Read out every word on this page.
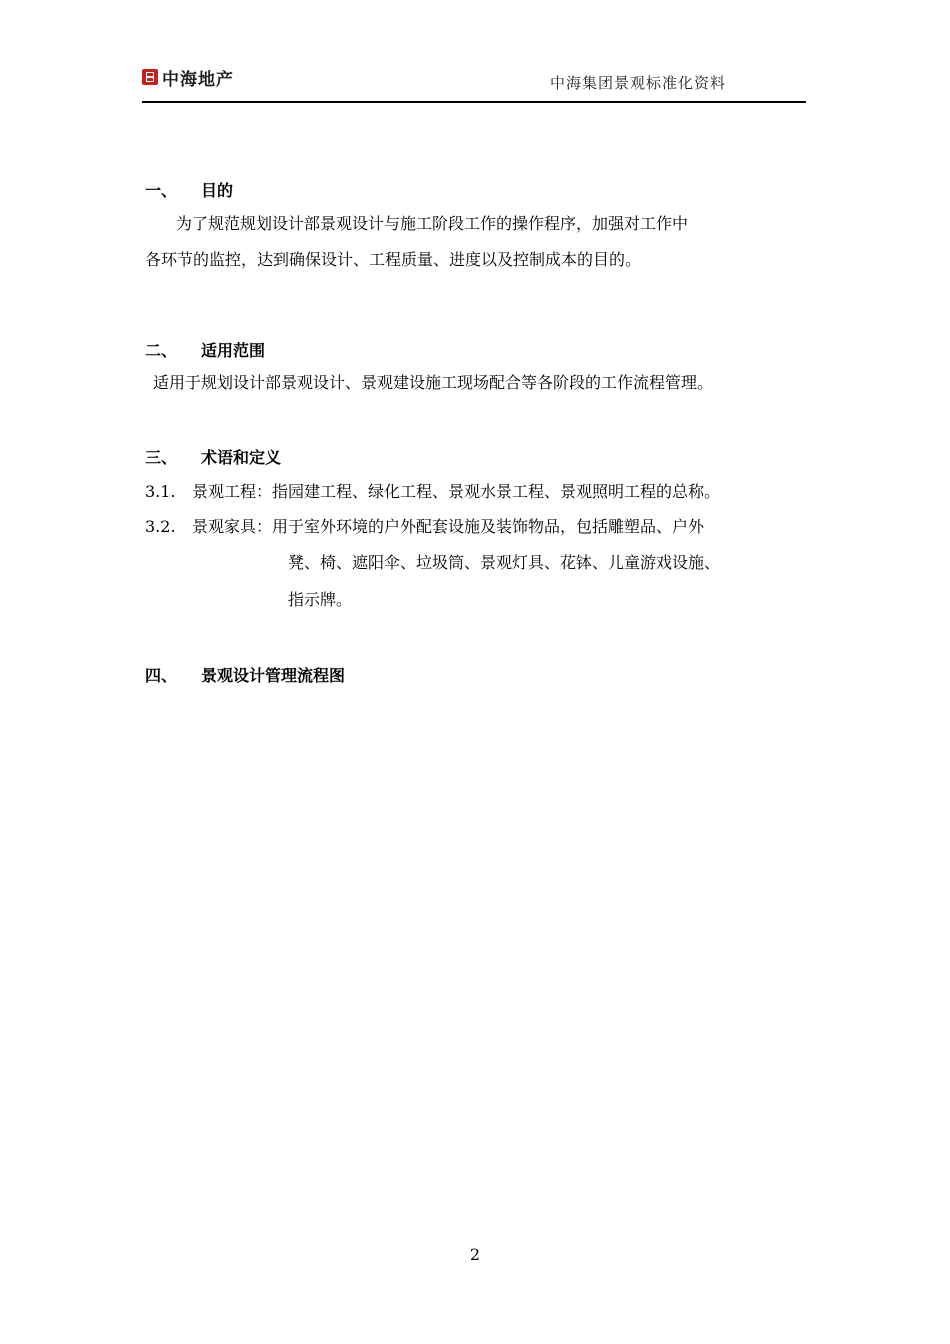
中海地产	中海集团景观标准化资料
一、 目的
为了规范规划设计部景观设计与施工阶段工作的操作程序，加强对工作中
各环节的监控，达到确保设计、工程质量、进度以及控制成本的目的。
二、 适用范围
适用于规划设计部景观设计、景观建设施工现场配合等各阶段的工作流程管理。
三、 术语和定义
3.1. 景观工程：指园建工程、绿化工程、景观水景工程、景观照明工程的总称。
3.2. 景观家具：用于室外环境的户外配套设施及装饰物品，包括雕塑品、户外
凳、椅、遮阳伞、垃圾筒、景观灯具、花钵、儿童游戏设施、
指示牌。
四、 景观设计管理流程图
2
